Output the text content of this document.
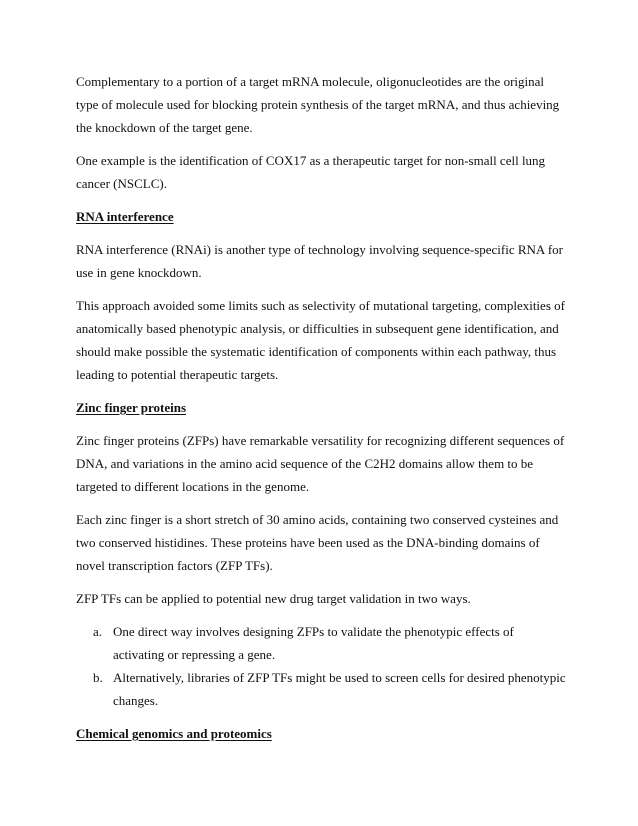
Complementary to a portion of a target mRNA molecule, oligonucleotides are the original type of molecule used for blocking protein synthesis of the target mRNA, and thus achieving the knockdown of the target gene.

One example is the identification of COX17 as a therapeutic target for non-small cell lung cancer (NSCLC).

RNA interference

RNA interference (RNAi) is another type of technology involving sequence-specific RNA for use in gene knockdown.

This approach avoided some limits such as selectivity of mutational targeting, complexities of anatomically based phenotypic analysis, or difficulties in subsequent gene identification, and should make possible the systematic identification of components within each pathway, thus leading to potential therapeutic targets.

Zinc finger proteins

Zinc finger proteins (ZFPs) have remarkable versatility for recognizing different sequences of DNA, and variations in the amino acid sequence of the C2H2 domains allow them to be targeted to different locations in the genome.

Each zinc finger is a short stretch of 30 amino acids, containing two conserved cysteines and two conserved histidines. These proteins have been used as the DNA-binding domains of novel transcription factors (ZFP TFs).

ZFP TFs can be applied to potential new drug target validation in two ways.

a. One direct way involves designing ZFPs to validate the phenotypic effects of activating or repressing a gene.
b. Alternatively, libraries of ZFP TFs might be used to screen cells for desired phenotypic changes.

Chemical genomics and proteomics
